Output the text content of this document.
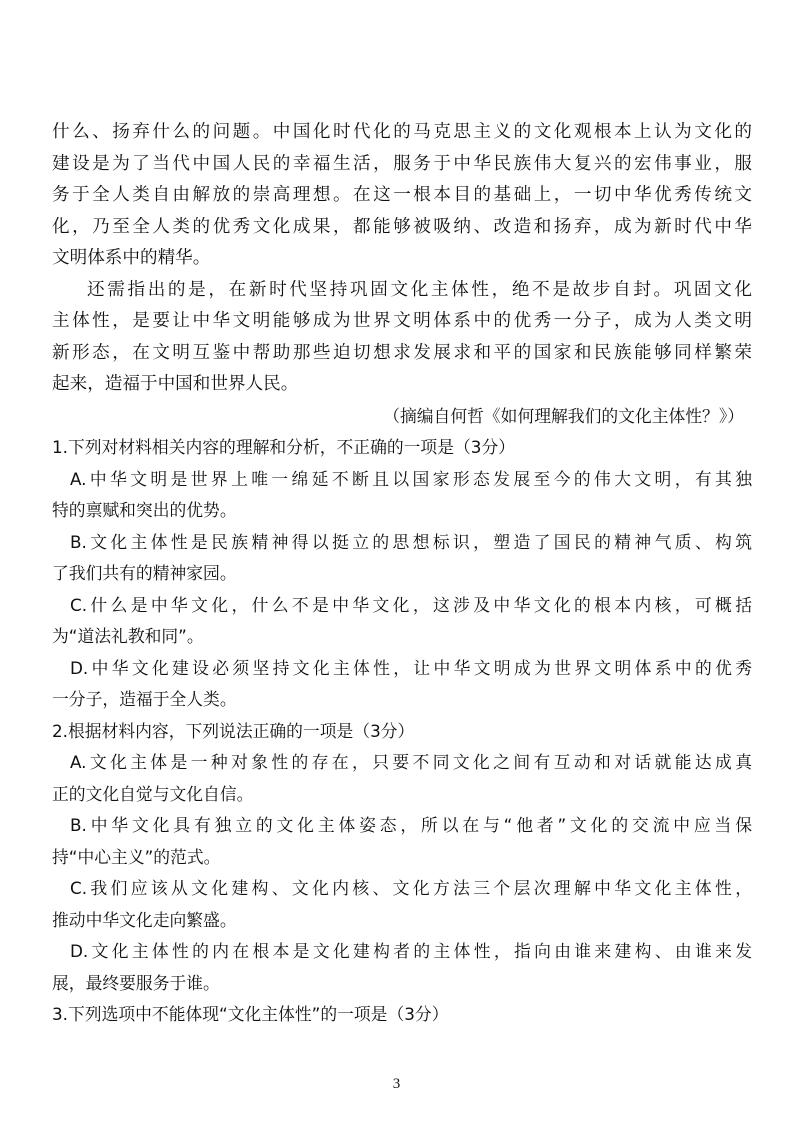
什么、扬弃什么的问题。中国化时代化的马克思主义的文化观根本上认为文化的
建设是为了当代中国人民的幸福生活，服务于中华民族伟大复兴的宏伟事业，服
务于全人类自由解放的崇高理想。在这一根本目的基础上，一切中华优秀传统文
化，乃至全人类的优秀文化成果，都能够被吸纳、改造和扬弃，成为新时代中华
文明体系中的精华。
还需指出的是，在新时代坚持巩固文化主体性，绝不是故步自封。巩固文化
主体性，是要让中华文明能够成为世界文明体系中的优秀一分子，成为人类文明
新形态，在文明互鉴中帮助那些迫切想求发展求和平的国家和民族能够同样繁荣
起来，造福于中国和世界人民。
（摘编自何哲《如何理解我们的文化主体性？》）
1.下列对材料相关内容的理解和分析，不正确的一项是（3分）
A.中华文明是世界上唯一绵延不断且以国家形态发展至今的伟大文明，有其独
特的禀赋和突出的优势。
B.文化主体性是民族精神得以挺立的思想标识，塑造了国民的精神气质、构筑
了我们共有的精神家园。
C.什么是中华文化，什么不是中华文化，这涉及中华文化的根本内核，可概括
为“道法礼教和同”。
D.中华文化建设必须坚持文化主体性，让中华文明成为世界文明体系中的优秀
一分子，造福于全人类。
2.根据材料内容，下列说法正确的一项是（3分）
A.文化主体是一种对象性的存在，只要不同文化之间有互动和对话就能达成真
正的文化自觉与文化自信。
B.中华文化具有独立的文化主体姿态，所以在与“他者”文化的交流中应当保
持“中心主义”的范式。
C.我们应该从文化建构、文化内核、文化方法三个层次理解中华文化主体性，
推动中华文化走向繁盛。
D.文化主体性的内在根本是文化建构者的主体性，指向由谁来建构、由谁来发
展，最终要服务于谁。
3.下列选项中不能体现“文化主体性”的一项是（3分）
3
